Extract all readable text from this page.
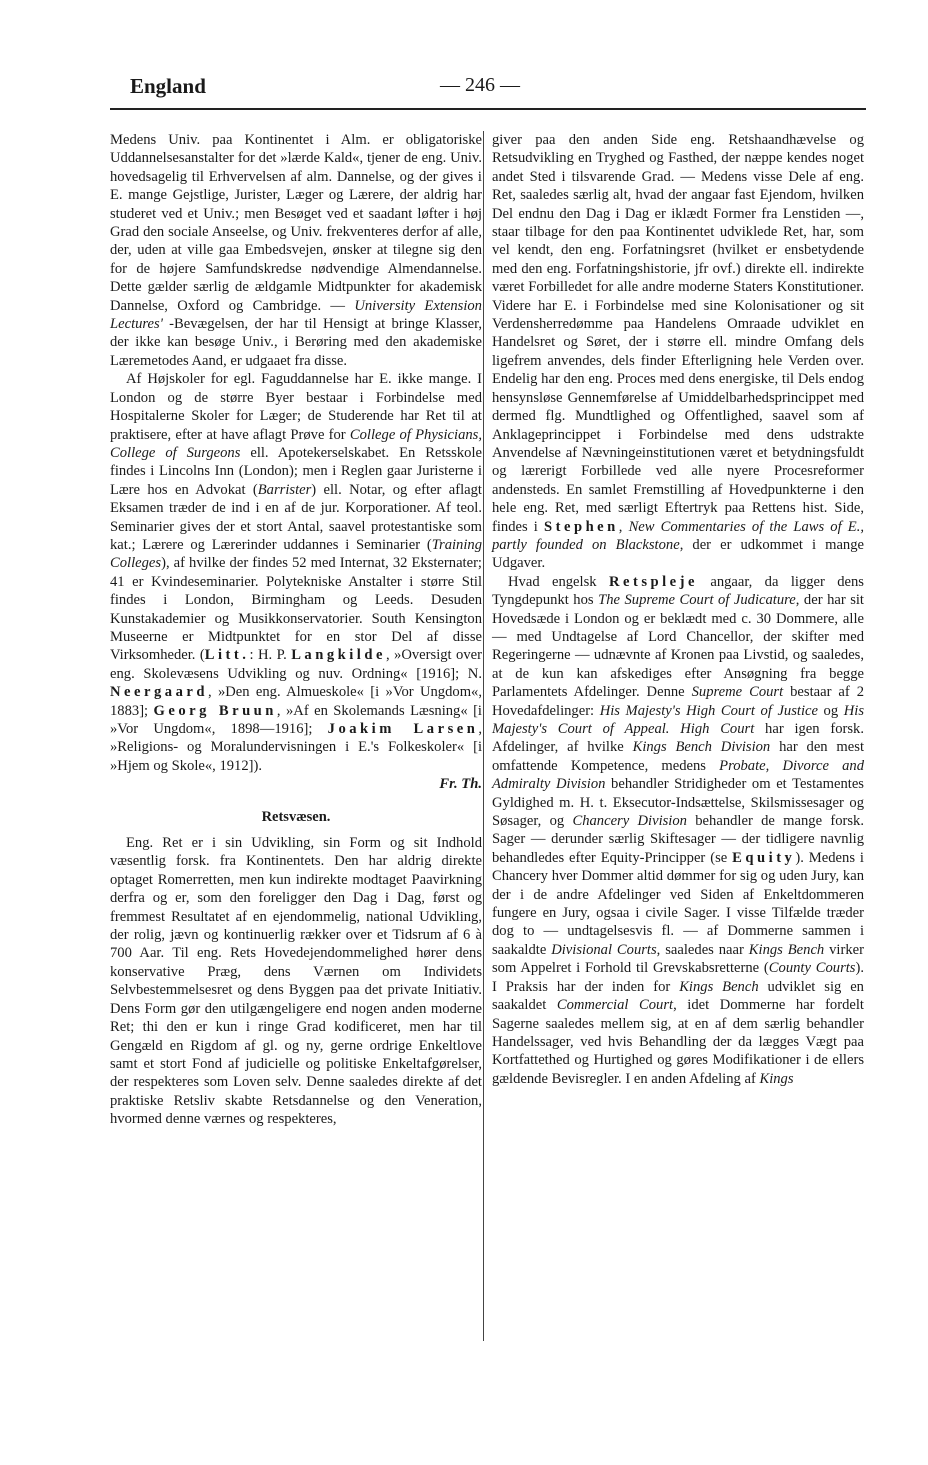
England	— 246 —

Medens Univ. paa Kontinentet i Alm. er obligatoriske Uddannelsesanstalter for det »lærde Kald«, tjener de eng. Univ. hovedsagelig til Erhvervelsen af alm. Dannelse, og der gives i E. mange Gejstlige, Jurister, Læger og Lærere, der aldrig har studeret ved et Univ.; men Besøget ved et saadant løfter i høj Grad den sociale Anseelse, og Univ. frekventeres derfor af alle, der, uden at ville gaa Embedsvejen, ønsker at tilegne sig den for de højere Samfundskredse nødvendige Almendannelse. Dette gælder særlig de ældgamle Midtpunkter for akademisk Dannelse, Oxford og Cambridge. — University Extension Lectures' -Bevægelsen, der har til Hensigt at bringe Klasser, der ikke kan besøge Univ., i Berøring med den akademiske Læremetodes Aand, er udgaaet fra disse.

Af Højskoler for egl. Faguddannelse har E. ikke mange. I London og de større Byer bestaar i Forbindelse med Hospitalerne Skoler for Læger; de Studerende har Ret til at praktisere, efter at have aflagt Prøve for College of Physicians, College of Surgeons ell. Apotekerselskabet. En Retsskole findes i Lincolns Inn (London); men i Reglen gaar Juristerne i Lære hos en Advokat (Barrister) ell. Notar, og efter aflagt Eksamen træder de ind i en af de jur. Korporationer. Af teol. Seminarier gives der et stort Antal, saavel protestantiske som kat.; Lærere og Lærerinder uddannes i Seminarier (Training Colleges), af hvilke der findes 52 med Internat, 32 Eksternater; 41 er Kvindeseminarier. Polytekniske Anstalter i større Stil findes i London, Birmingham og Leeds. Desuden Kunstakademier og Musikkonservatorier. South Kensington Museerne er Midtpunktet for en stor Del af disse Virksomheder. (Litt.: H. P. Langkilde, »Oversigt over eng. Skolevæsens Udvikling og nuv. Ordning« [1916]; N. Neergaard, »Den eng. Almueskole« [i »Vor Ungdom«, 1883]; Georg Bruun, »Af en Skolemands Læsning« [i »Vor Ungdom«, 1898—1916]; Joakim Larsen, »Religions- og Moralundervisningen i E.'s Folkeskoler« [i »Hjem og Skole«, 1912]).

Fr. Th.

Retsvæsen.

Eng. Ret er i sin Udvikling, sin Form og sit Indhold væsentlig forsk. fra Kontinentets. Den har aldrig direkte optaget Romerretten, men kun indirekte modtaget Paavirkning derfra og er, som den foreligger den Dag i Dag, først og fremmest Resultatet af en ejendommelig, national Udvikling, der rolig, jævn og kontinuerlig rækker over et Tidsrum af 6 à 700 Aar. Til eng. Rets Hovedejendommelighed hører dens konservative Præg, dens Værnen om Individets Selvbestemmelsesret og dens Byggen paa det private Initiativ. Dens Form gør den utilgængeligere end nogen anden moderne Ret; thi den er kun i ringe Grad kodificeret, men har til Gengæld en Rigdom af gl. og ny, gerne ordrige Enkeltlove samt et stort Fond af judicielle og politiske Enkeltafgørelser, der respekteres som Loven selv. Denne saaledes direkte af det praktiske Retsliv skabte Retsdannelse og den Veneration, hvormed denne værnes og respekteres,

giver paa den anden Side eng. Retshaandhævelse og Retsudvikling en Tryghed og Fasthed, der næppe kendes noget andet Sted i tilsvarende Grad. — Medens visse Dele af eng. Ret, saaledes særlig alt, hvad der angaar fast Ejendom, hvilken Del endnu den Dag i Dag er iklædt Former fra Lenstiden —, staar tilbage for den paa Kontinentet udviklede Ret, har, som vel kendt, den eng. Forfatningsret (hvilket er ensbetydende med den eng. Forfatningshistorie, jfr ovf.) direkte ell. indirekte været Forbilledet for alle andre moderne Staters Konstitutioner. Videre har E. i Forbindelse med sine Kolonisationer og sit Verdensherredømme paa Handelens Omraade udviklet en Handelsret og Søret, der i større ell. mindre Omfang dels ligefrem anvendes, dels finder Efterligning hele Verden over. Endelig har den eng. Proces med dens energiske, til Dels endog hensynsløse Gennemførelse af Umiddelbarhedsprincippet med dermed flg. Mundtlighed og Offentlighed, saavel som af Anklageprincippet i Forbindelse med dens udstrakte Anvendelse af Nævningeinstitutionen været et betydningsfuldt og lærerigt Forbillede ved alle nyere Procesreformer andensteds. En samlet Fremstilling af Hovedpunkterne i den hele eng. Ret, med særligt Eftertryk paa Rettens hist. Side, findes i Stephen, New Commentaries of the Laws of E., partly founded on Blackstone, der er udkommet i mange Udgaver.

Hvad engelsk Retspleje angaar, da ligger dens Tyngdepunkt hos The Supreme Court of Judicature, der har sit Hovedsæde i London og er beklædt med c. 30 Dommere, alle — med Undtagelse af Lord Chancellor, der skifter med Regeringerne — udnævnte af Kronen paa Livstid, og saaledes, at de kun kan afskediges efter Ansøgning fra begge Parlamentets Afdelinger. Denne Supreme Court bestaar af 2 Hovedafdelinger: His Majesty's High Court of Justice og His Majesty's Court of Appeal. High Court har igen forsk. Afdelinger, af hvilke Kings Bench Division har den mest omfattende Kompetence, medens Probate, Divorce and Admiralty Division behandler Stridigheder om et Testamentes Gyldighed m. H. t. Eksecutor-Indsættelse, Skilsmissesager og Søsager, og Chancery Division behandler de mange forsk. Sager — derunder særlig Skiftesager — der tidligere navnlig behandledes efter Equity-Principper (se Equity). Medens i Chancery hver Dommer altid dømmer for sig og uden Jury, kan der i de andre Afdelinger ved Siden af Enkeltdommeren fungere en Jury, ogsaa i civile Sager. I visse Tilfælde træder dog to — undtagelsesvis fl. — af Dommerne sammen i saakaldte Divisional Courts, saaledes naar Kings Bench virker som Appelret i Forhold til Grevskabsretterne (County Courts). I Praksis har der inden for Kings Bench udviklet sig en saakaldet Commercial Court, idet Dommerne har fordelt Sagerne saaledes mellem sig, at en af dem særlig behandler Handelssager, ved hvis Behandling der da lægges Vægt paa Kortfattethed og Hurtighed og gøres Modifikationer i de ellers gældende Bevisregler. I en anden Afdeling af Kings
